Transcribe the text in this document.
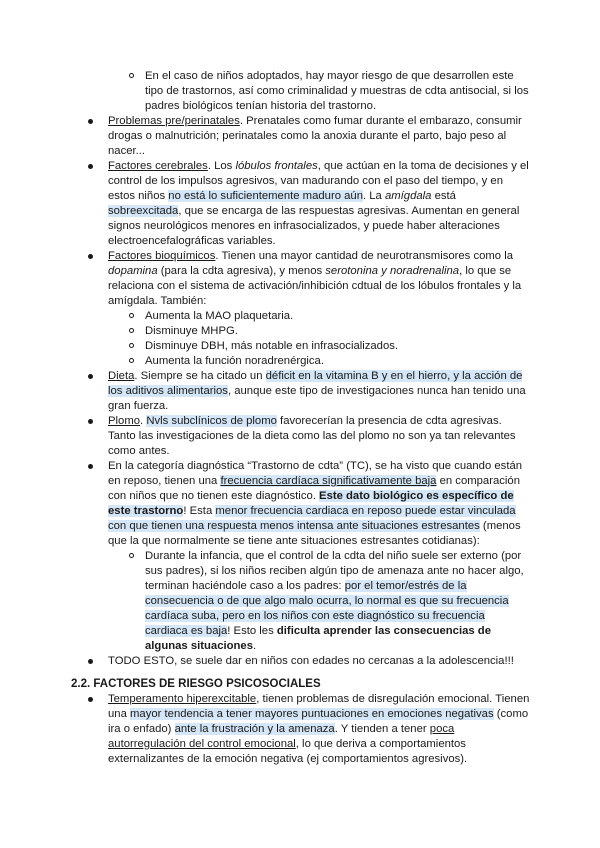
En el caso de niños adoptados, hay mayor riesgo de que desarrollen este tipo de trastornos, así como criminalidad y muestras de cdta antisocial, si los padres biológicos tenían historia del trastorno.
Problemas pre/perinatales. Prenatales como fumar durante el embarazo, consumir drogas o malnutrición; perinatales como la anoxia durante el parto, bajo peso al nacer...
Factores cerebrales. Los lóbulos frontales, que actúan en la toma de decisiones y el control de los impulsos agresivos, van madurando con el paso del tiempo, y en estos niños no está lo suficientemente maduro aún. La amígdala está sobreexcitada, que se encarga de las respuestas agresivas. Aumentan en general signos neurológicos menores en infrasocializados, y puede haber alteraciones electroencefalográficas variables.
Factores bioquímicos. Tienen una mayor cantidad de neurotransmisores como la dopamina (para la cdta agresiva), y menos serotonina y noradrenalina, lo que se relaciona con el sistema de activación/inhibición cdtual de los lóbulos frontales y la amígdala. También:
Aumenta la MAO plaquetaria.
Disminuye MHPG.
Disminuye DBH, más notable en infrasocializados.
Aumenta la función noradrenérgica.
Dieta. Siempre se ha citado un déficit en la vitamina B y en el hierro, y la acción de los aditivos alimentarios, aunque este tipo de investigaciones nunca han tenido una gran fuerza.
Plomo. Nvls subclínicos de plomo favorecerían la presencia de cdta agresivas. Tanto las investigaciones de la dieta como las del plomo no son ya tan relevantes como antes.
En la categoría diagnóstica “Trastorno de cdta” (TC), se ha visto que cuando están en reposo, tienen una frecuencia cardíaca significativamente baja en comparación con niños que no tienen este diagnóstico. Este dato biológico es específico de este trastorno! Esta menor frecuencia cardiaca en reposo puede estar vinculada con que tienen una respuesta menos intensa ante situaciones estresantes (menos que la que normalmente se tiene ante situaciones estresantes cotidianas):
Durante la infancia, que el control de la cdta del niño suele ser externo (por sus padres), si los niños reciben algún tipo de amenaza ante no hacer algo, terminan haciéndole caso a los padres: por el temor/estrés de la consecuencia o de que algo malo ocurra, lo normal es que su frecuencia cardíaca suba, pero en los niños con este diagnóstico su frecuencia cardiaca es baja! Esto les dificulta aprender las consecuencias de algunas situaciones.
TODO ESTO, se suele dar en niños con edades no cercanas a la adolescencia!!!
2.2. FACTORES DE RIESGO PSICOSOCIALES
Temperamento hiperexcitable, tienen problemas de disregulación emocional. Tienen una mayor tendencia a tener mayores puntuaciones en emociones negativas (como ira o enfado) ante la frustración y la amenaza. Y tienden a tener poca autorregulación del control emocional, lo que deriva a comportamientos externalizantes de la emoción negativa (ej comportamientos agresivos).
